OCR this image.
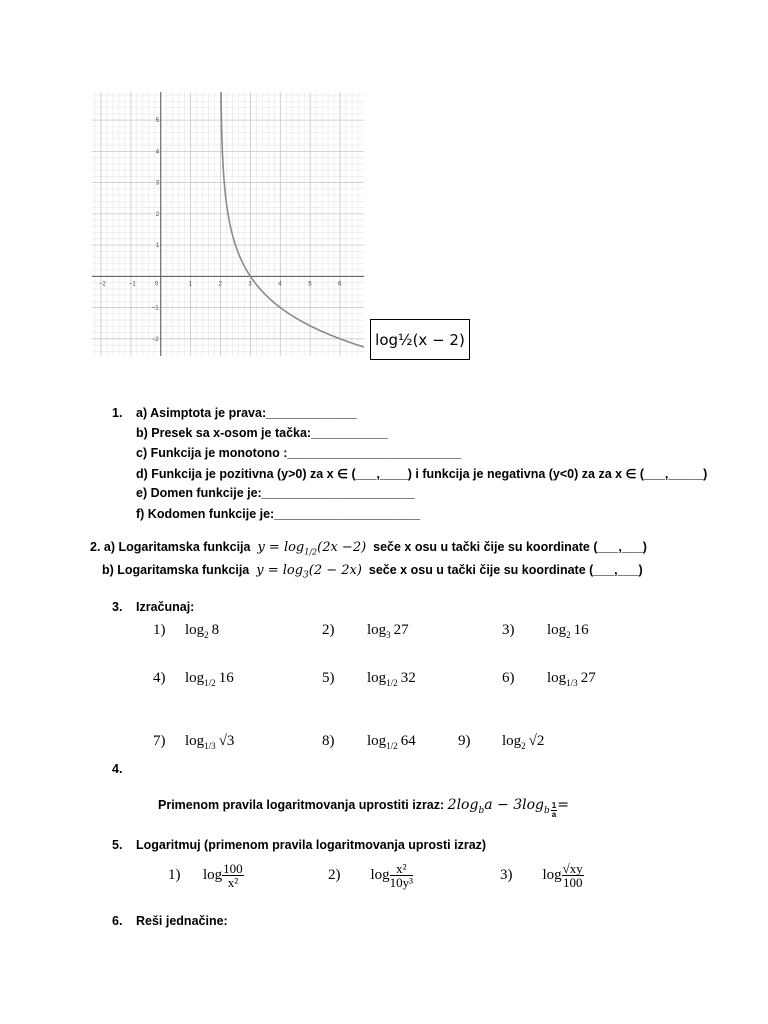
−2	−1	0	1	2	3	4	5	6
5
4
3
2
1
−1
−2	log½(x − 2)
1. a) Asimptota je prava:_____________
b) Presek sa x-osom je tačka:___________
c) Funkcija je monotono :_________________________
d) Funkcija je pozitivna (y>0) za x ∈ (___,____) i funkcija je negativna (y<0) za za x ∈ (___,_____)
e) Domen funkcije je:______________________
f) Kodomen funkcije je:_____________________
2. a) Logaritamska funkcija $y = \log_{1/2}(2x -2)$ seče x osu u tački čije su koordinate (___,___)
b) Logaritamska funkcija $y = \log_3(2 - 2x)$ seče x osu u tački čije su koordinate (___,___)
3. Izračunaj:
1) $\log_2 8$	2) $\log_3 27$	3) $\log_2 16$
4) $\log_{1/2} 16$	5) $\log_{1/2} 32$	6) $\log_{1/3} 27$
7) $\log_{1/3} √3$	8) $\log_{1/2} 64$	9) $\log_2 √2$
4.
Primenom pravila logaritmovanja uprostiti izraz: $2\log_ba - 3\log_b \frac{1}{a}=$
5. Logaritmuj (primenom pravila logaritmovanja uprosti izraz)
1) $\log \frac{100}{\text{x²}}$	2) $\log \frac{\text{x²}}{\text{10y³}}$	3) $\log \frac{√xy}{100}$
6. Reši jednačine:
